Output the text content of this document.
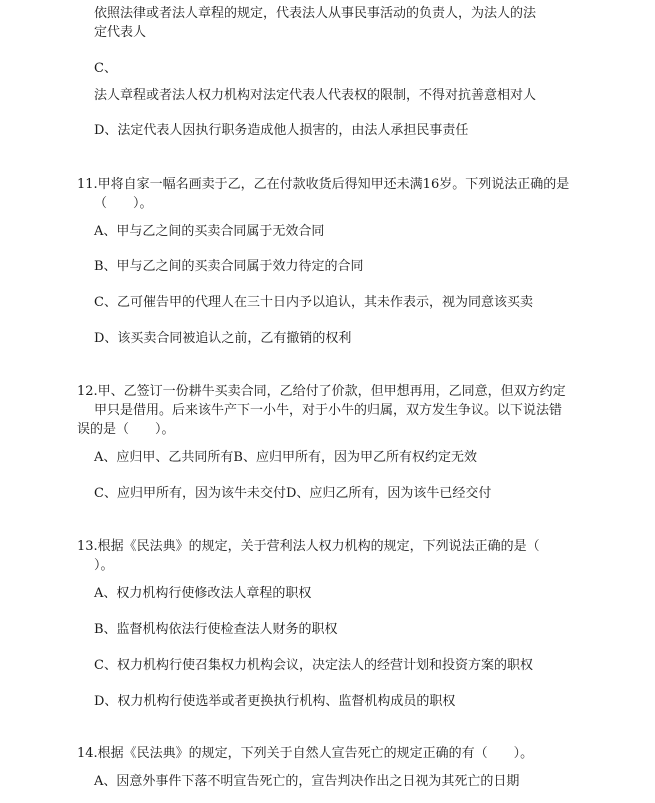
依照法律或者法人章程的规定，代表法人从事民事活动的负责人，为法人的法
定代表人
C、
法人章程或者法人权力机构对法定代表人代表权的限制，不得对抗善意相对人
D、法定代表人因执行职务造成他人损害的，由法人承担民事责任
11.甲将自家一幅名画卖于乙，乙在付款收货后得知甲还未满16岁。下列说法正确的是
（　　）。
A、甲与乙之间的买卖合同属于无效合同
B、甲与乙之间的买卖合同属于效力待定的合同
C、乙可催告甲的代理人在三十日内予以追认，其未作表示，视为同意该买卖
D、该买卖合同被追认之前，乙有撤销的权利
12.甲、乙签订一份耕牛买卖合同，乙给付了价款，但甲想再用，乙同意，但双方约定
甲只是借用。后来该牛产下一小牛，对于小牛的归属，双方发生争议。以下说法错
误的是（　　）。
A、应归甲、乙共同所有B、应归甲所有，因为甲乙所有权约定无效
C、应归甲所有，因为该牛未交付D、应归乙所有，因为该牛已经交付
13.根据《民法典》的规定，关于营利法人权力机构的规定，下列说法正确的是（
）。
A、权力机构行使修改法人章程的职权
B、监督机构依法行使检查法人财务的职权
C、权力机构行使召集权力机构会议，决定法人的经营计划和投资方案的职权
D、权力机构行使选举或者更换执行机构、监督机构成员的职权
14.根据《民法典》的规定，下列关于自然人宣告死亡的规定正确的有（　　）。
A、因意外事件下落不明宣告死亡的，宣告判决作出之日视为其死亡的日期
